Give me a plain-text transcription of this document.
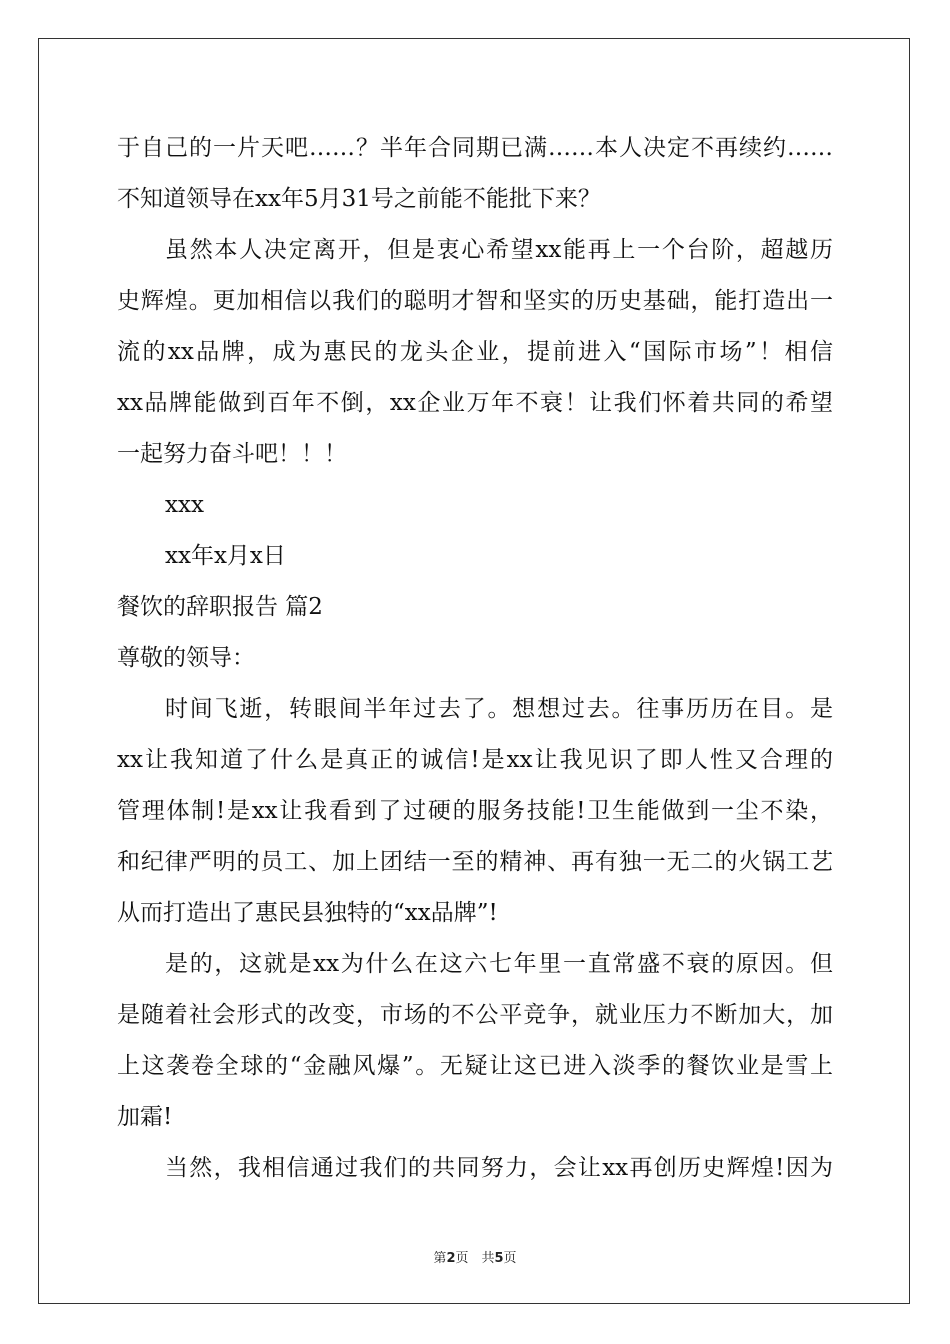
于自己的一片天吧……？半年合同期已满……本人决定不再续约……
不知道领导在xx年5月31号之前能不能批下来？
虽然本人决定离开，但是衷心希望xx能再上一个台阶，超越历
史辉煌。更加相信以我们的聪明才智和坚实的历史基础，能打造出一
流的xx品牌，成为惠民的龙头企业，提前进入“国际市场”！相信
xx品牌能做到百年不倒，xx企业万年不衰！让我们怀着共同的希望
一起努力奋斗吧！！！
xxx
xx年x月x日
餐饮的辞职报告 篇2
尊敬的领导：
时间飞逝，转眼间半年过去了。想想过去。往事历历在目。是
xx让我知道了什么是真正的诚信!是xx让我见识了即人性又合理的
管理体制!是xx让我看到了过硬的服务技能!卫生能做到一尘不染，
和纪律严明的员工、加上团结一至的精神、再有独一无二的火锅工艺
从而打造出了惠民县独特的“xx品牌”!
是的，这就是xx为什么在这六七年里一直常盛不衰的原因。但
是随着社会形式的改变，市场的不公平竞争，就业压力不断加大，加
上这袭卷全球的“金融风爆”。无疑让这已进入淡季的餐饮业是雪上
加霜!
当然，我相信通过我们的共同努力，会让xx再创历史辉煌!因为
第2页　共5页
